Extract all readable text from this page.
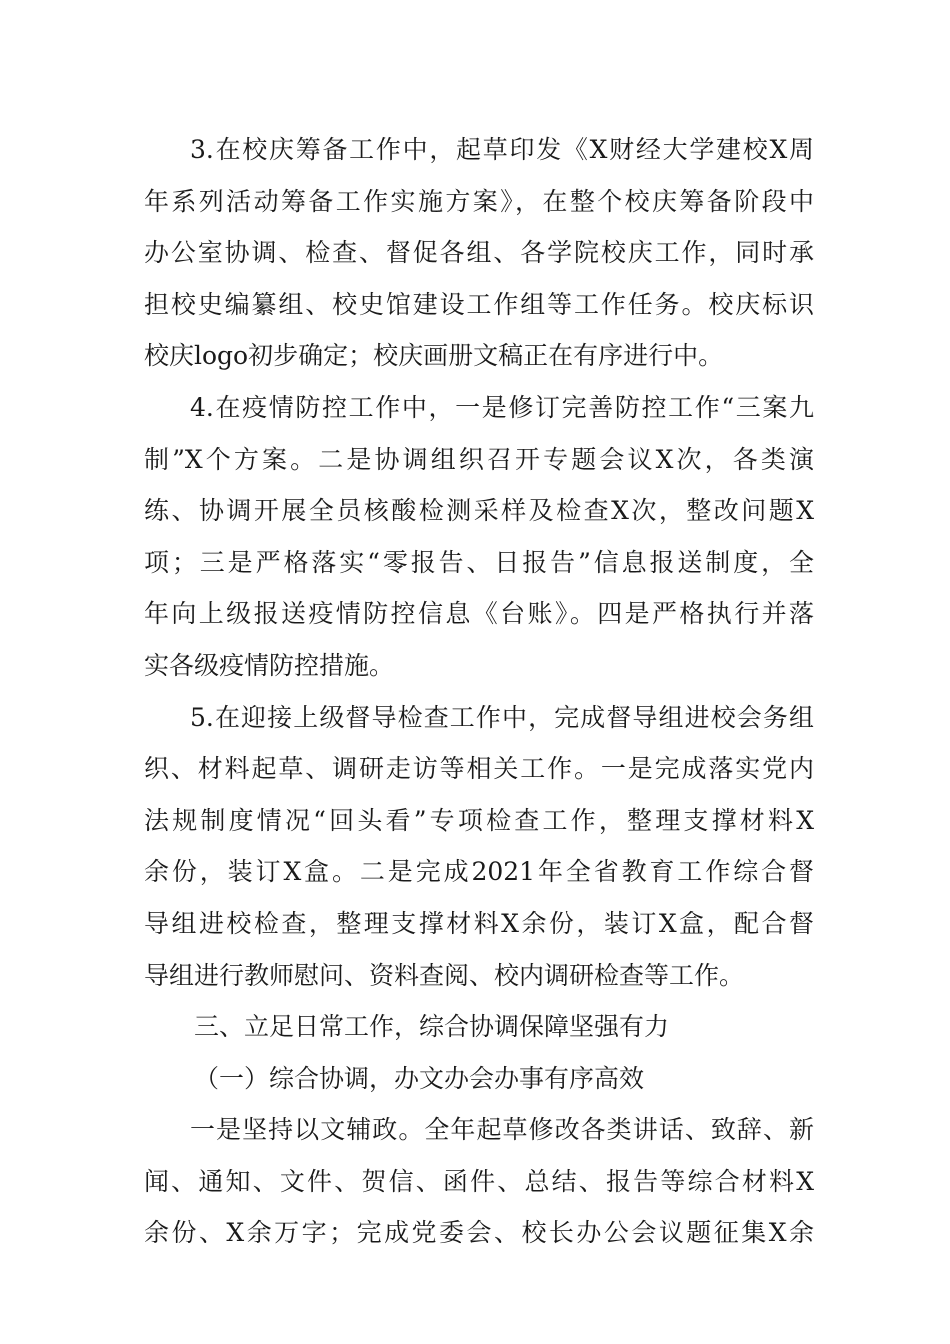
3.在校庆筹备工作中，起草印发《X财经大学建校X周
年系列活动筹备工作实施方案》，在整个校庆筹备阶段中
办公室协调、检查、督促各组、各学院校庆工作，同时承
担校史编纂组、校史馆建设工作组等工作任务。校庆标识
校庆logo初步确定；校庆画册文稿正在有序进行中。
4.在疫情防控工作中，一是修订完善防控工作“三案九
制”X个方案。二是协调组织召开专题会议X次，各类演
练、协调开展全员核酸检测采样及检查X次，整改问题X
项；三是严格落实“零报告、日报告”信息报送制度，全
年向上级报送疫情防控信息《台账》。四是严格执行并落
实各级疫情防控措施。
5.在迎接上级督导检查工作中，完成督导组进校会务组
织、材料起草、调研走访等相关工作。一是完成落实党内
法规制度情况“回头看”专项检查工作，整理支撑材料X
余份，装订X盒。二是完成2021年全省教育工作综合督
导组进校检查，整理支撑材料X余份，装订X盒，配合督
导组进行教师慰问、资料查阅、校内调研检查等工作。
三、立足日常工作，综合协调保障坚强有力
（一）综合协调，办文办会办事有序高效
一是坚持以文辅政。全年起草修改各类讲话、致辞、新
闻、通知、文件、贺信、函件、总结、报告等综合材料X
余份、X余万字；完成党委会、校长办公会议题征集X余
